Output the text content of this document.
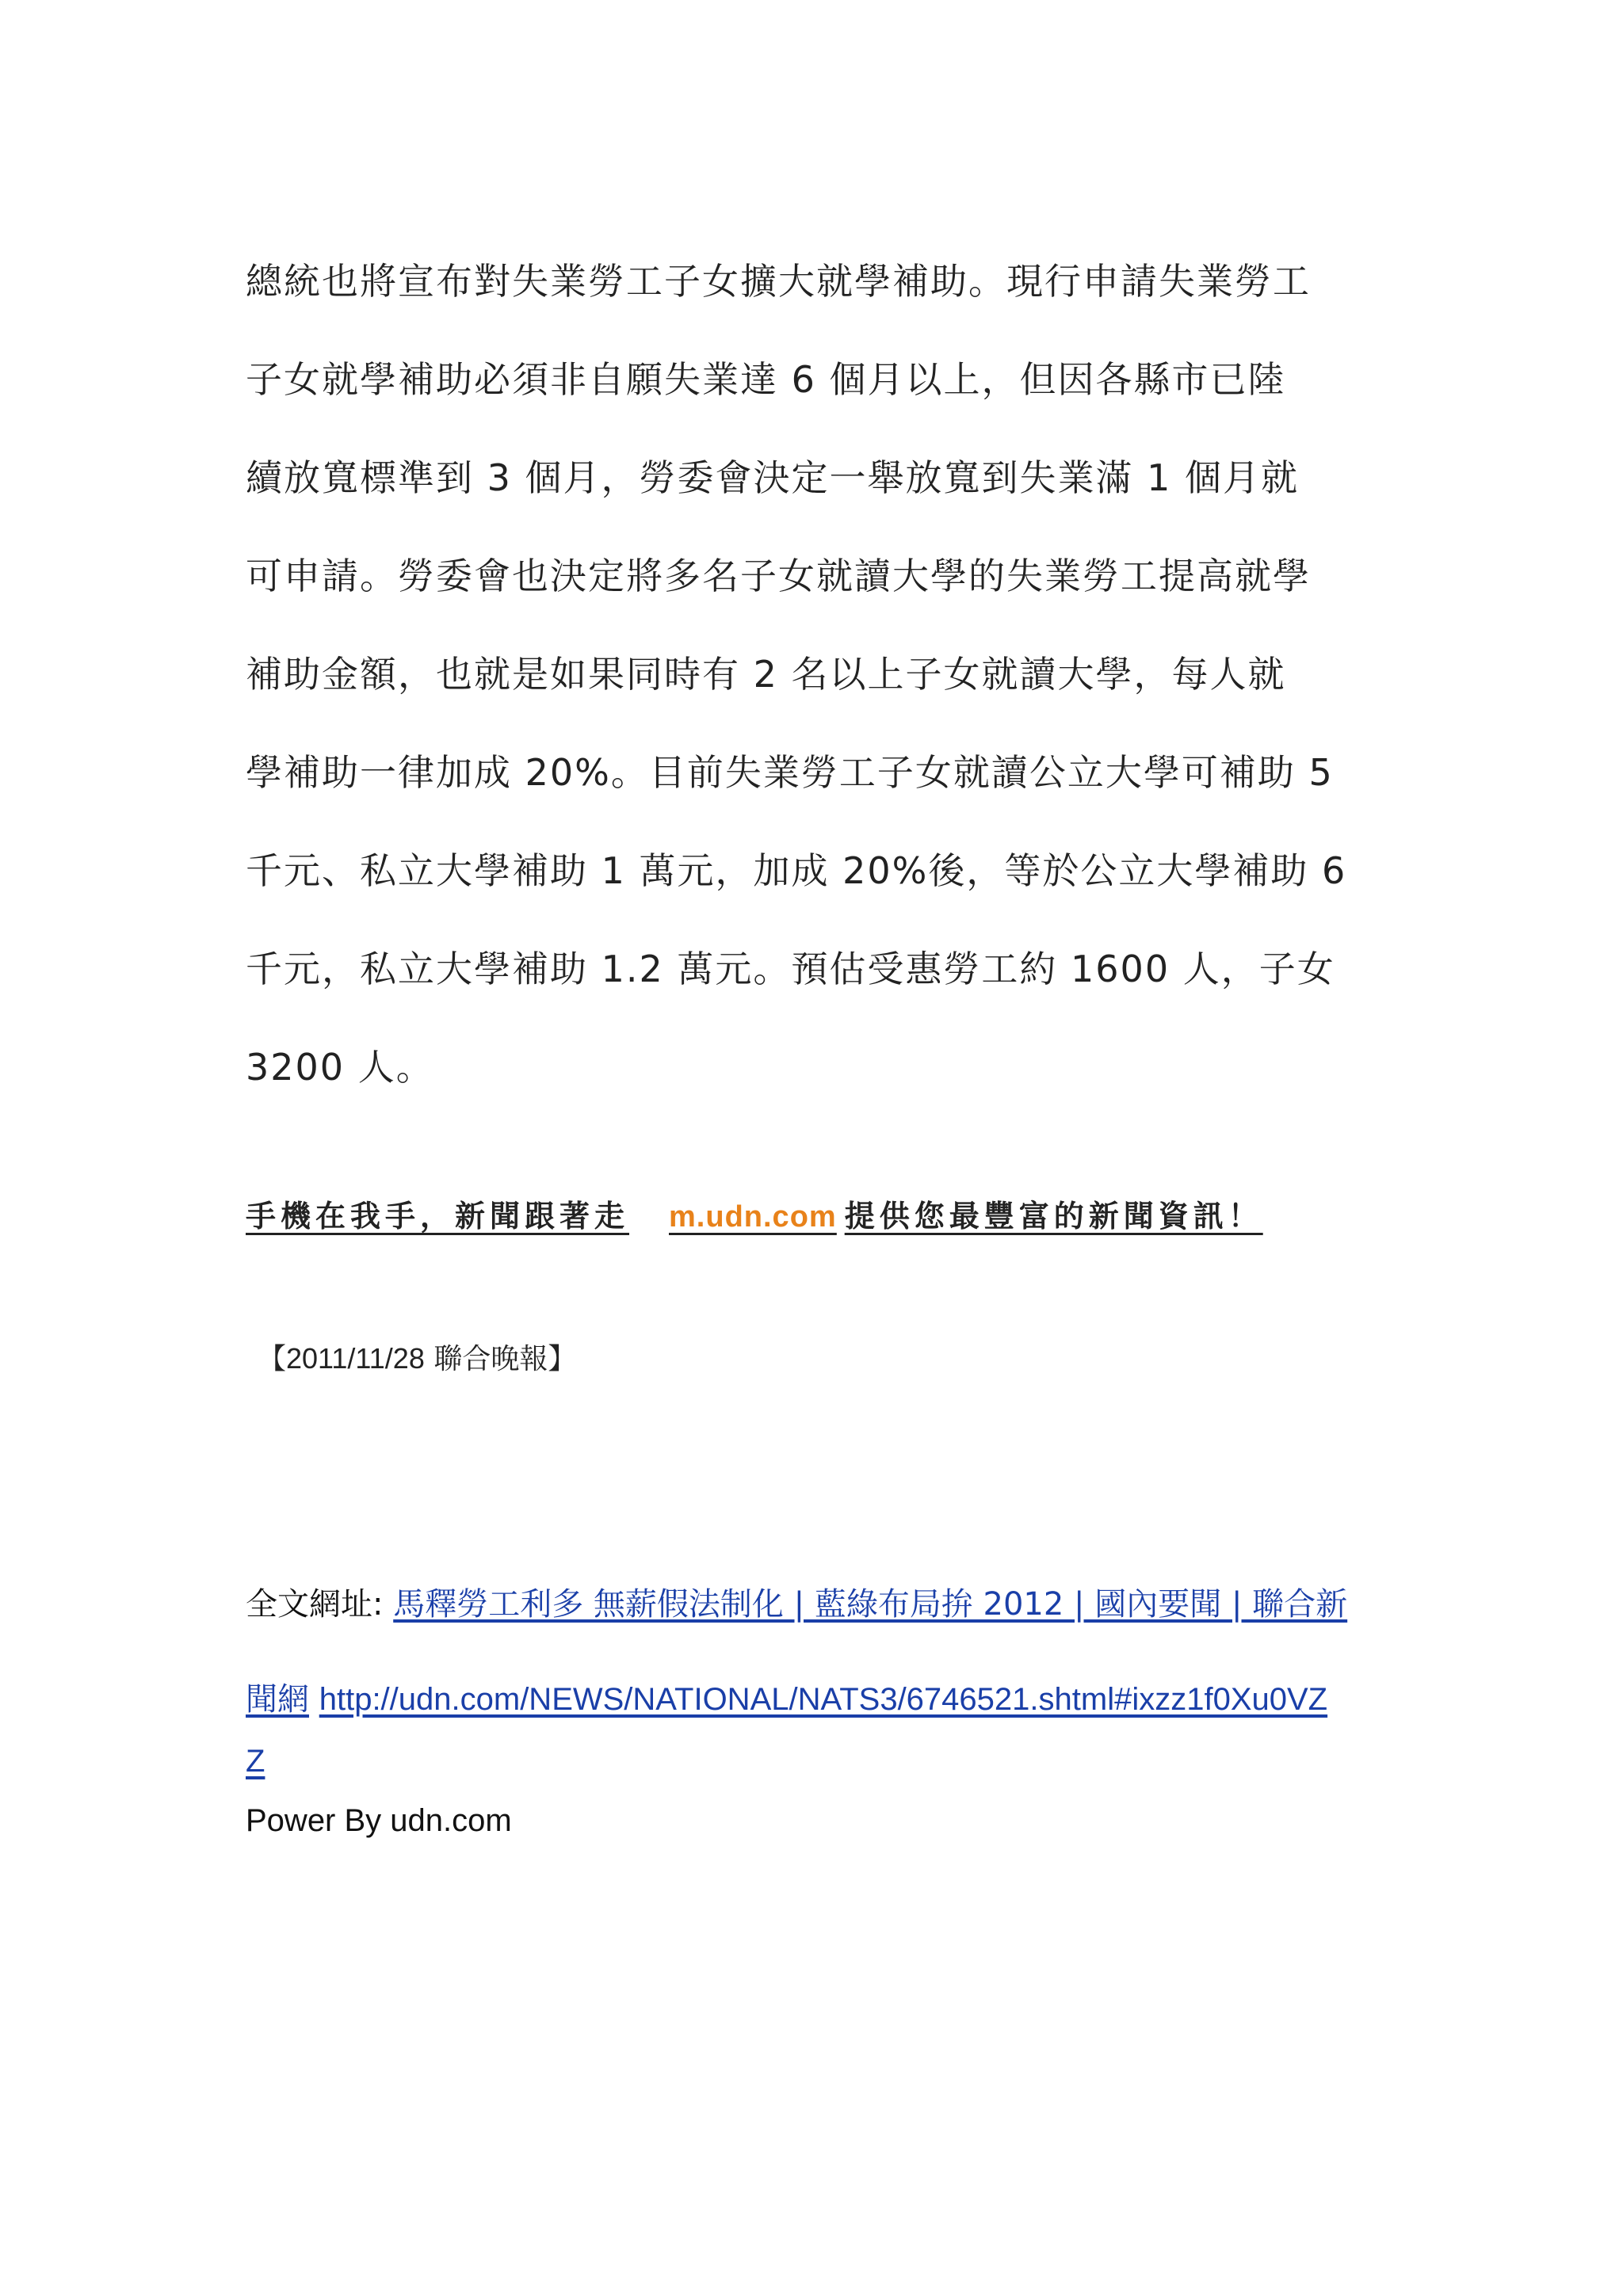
總統也將宣布對失業勞工子女擴大就學補助。現行申請失業勞工
子女就學補助必須非自願失業達 6 個月以上，但因各縣市已陸
續放寬標準到 3 個月，勞委會決定一舉放寬到失業滿 1 個月就
可申請。勞委會也決定將多名子女就讀大學的失業勞工提高就學
補助金額，也就是如果同時有 2 名以上子女就讀大學，每人就
學補助一律加成 20%。目前失業勞工子女就讀公立大學可補助 5
千元、私立大學補助 1 萬元，加成 20%後，等於公立大學補助 6
千元，私立大學補助 1.2 萬元。預估受惠勞工約 1600 人，子女
3200 人。
手機在我手，新聞跟著走 m.udn.com 提供您最豐富的新聞資訊！
【2011/11/28 聯合晚報】
全文網址: 馬釋勞工利多 無薪假法制化 | 藍綠布局拚 2012 | 國內要聞 | 聯合新
聞網 http://udn.com/NEWS/NATIONAL/NATS3/6746521.shtml#ixzz1f0Xu0VZ
Z
Power By udn.com
